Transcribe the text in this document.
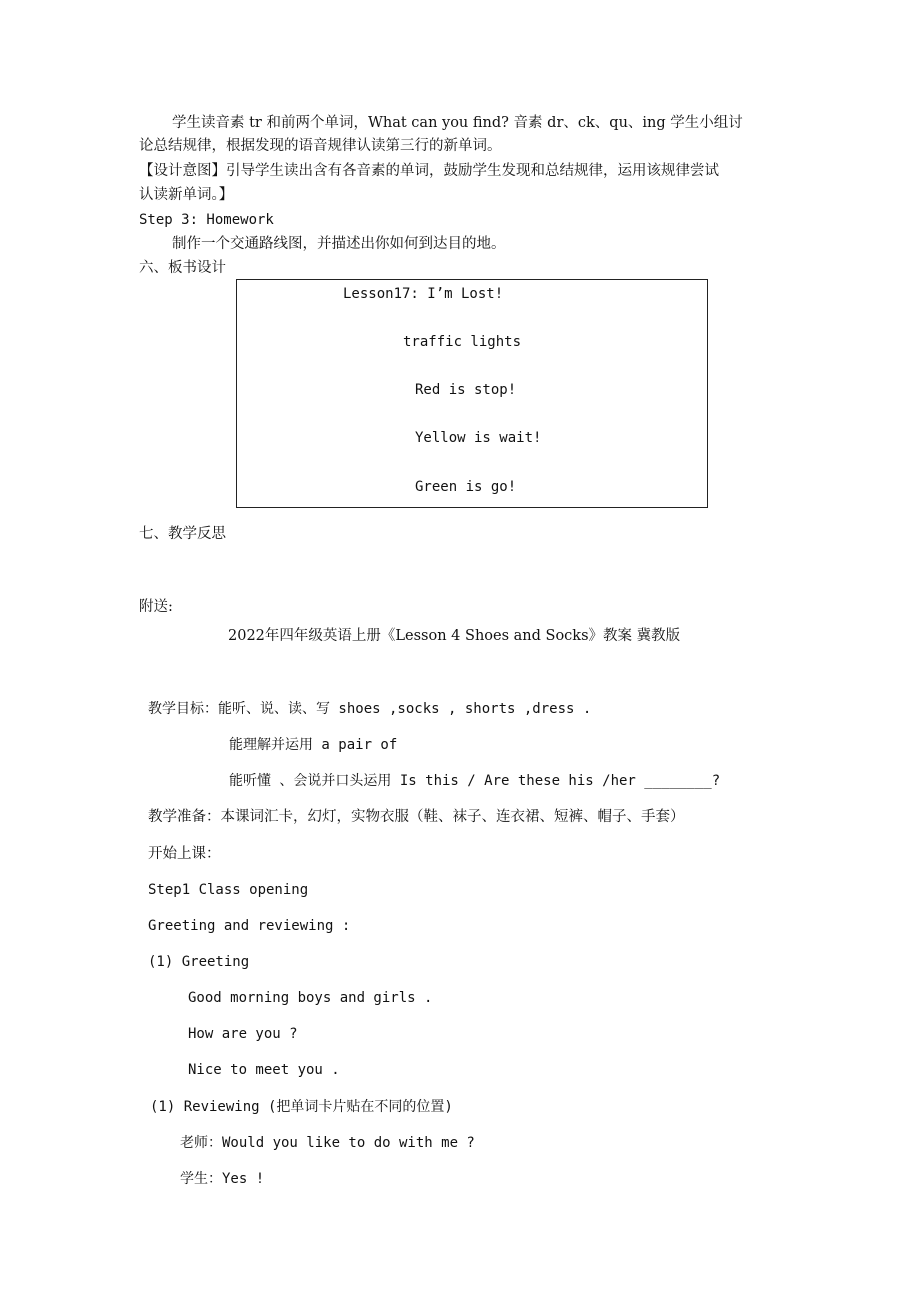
学生读音素 tr 和前两个单词，What can you find? 音素 dr、ck、qu、ing 学生小组讨
论总结规律，根据发现的语音规律认读第三行的新单词。
【设计意图】引导学生读出含有各音素的单词，鼓励学生发现和总结规律，运用该规律尝试
认读新单词。】
Step 3: Homework
制作一个交通路线图，并描述出你如何到达目的地。
六、板书设计
Lesson17: I’m Lost!
traffic lights
Red is stop!
Yellow is wait!
Green is go!
七、教学反思
附送:
2022年四年级英语上册《Lesson 4 Shoes and Socks》教案 冀教版
教学目标：能听、说、读、写 shoes ,socks , shorts ,dress .
能理解并运用 a pair of
能听懂 、会说并口头运用 Is this / Are these his /her ________?
教学准备：本课词汇卡，幻灯，实物衣服（鞋、袜子、连衣裙、短裤、帽子、手套）
开始上课：
Step1 Class opening
Greeting and reviewing :
(1) Greeting
Good morning boys and girls .
How are you ?
Nice to meet you .
(1) Reviewing (把单词卡片贴在不同的位置)
老师：Would you like to do with me ?
学生：Yes !
